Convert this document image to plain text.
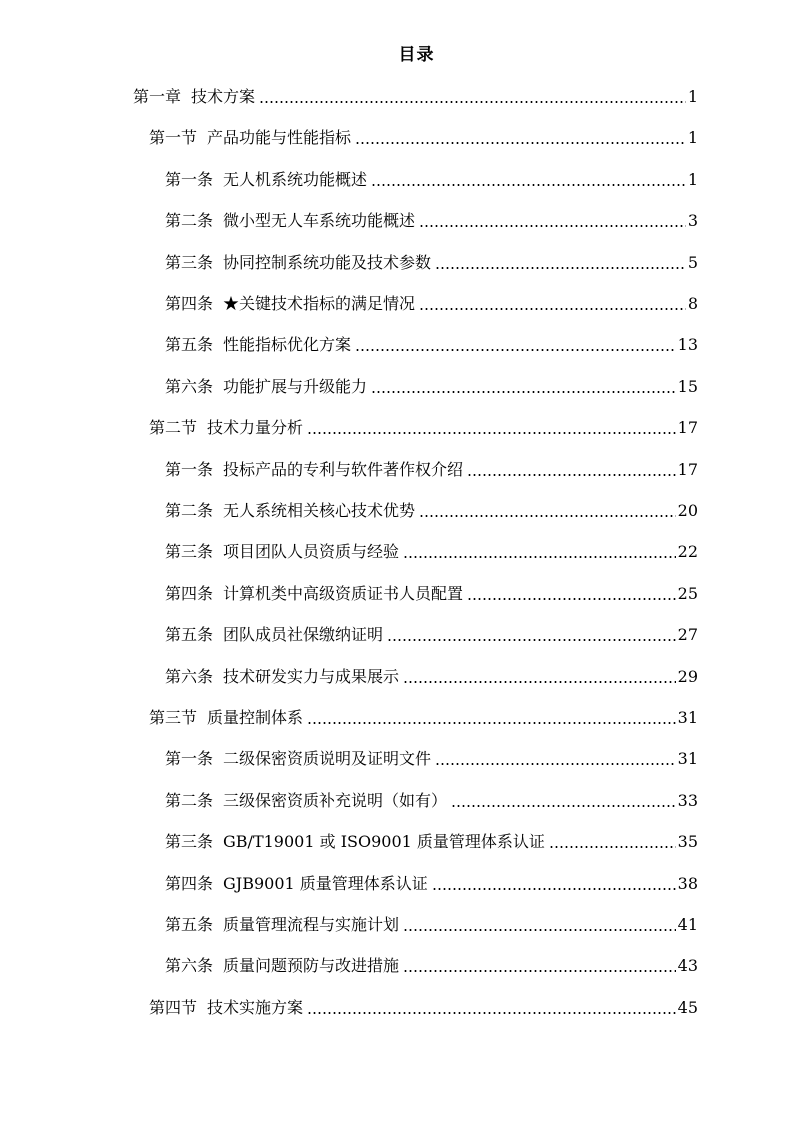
目录
第一章 技术方案	1
第一节 产品功能与性能指标	1
第一条 无人机系统功能概述	1
第二条 微小型无人车系统功能概述	3
第三条 协同控制系统功能及技术参数	5
第四条 ★关键技术指标的满足情况	8
第五条 性能指标优化方案	13
第六条 功能扩展与升级能力	15
第二节 技术力量分析	17
第一条 投标产品的专利与软件著作权介绍	17
第二条 无人系统相关核心技术优势	20
第三条 项目团队人员资质与经验	22
第四条 计算机类中高级资质证书人员配置	25
第五条 团队成员社保缴纳证明	27
第六条 技术研发实力与成果展示	29
第三节 质量控制体系	31
第一条 二级保密资质说明及证明文件	31
第二条 三级保密资质补充说明（如有）	33
第三条 GB/T19001 或 ISO9001 质量管理体系认证	35
第四条 GJB9001 质量管理体系认证	38
第五条 质量管理流程与实施计划	41
第六条 质量问题预防与改进措施	43
第四节 技术实施方案	45
